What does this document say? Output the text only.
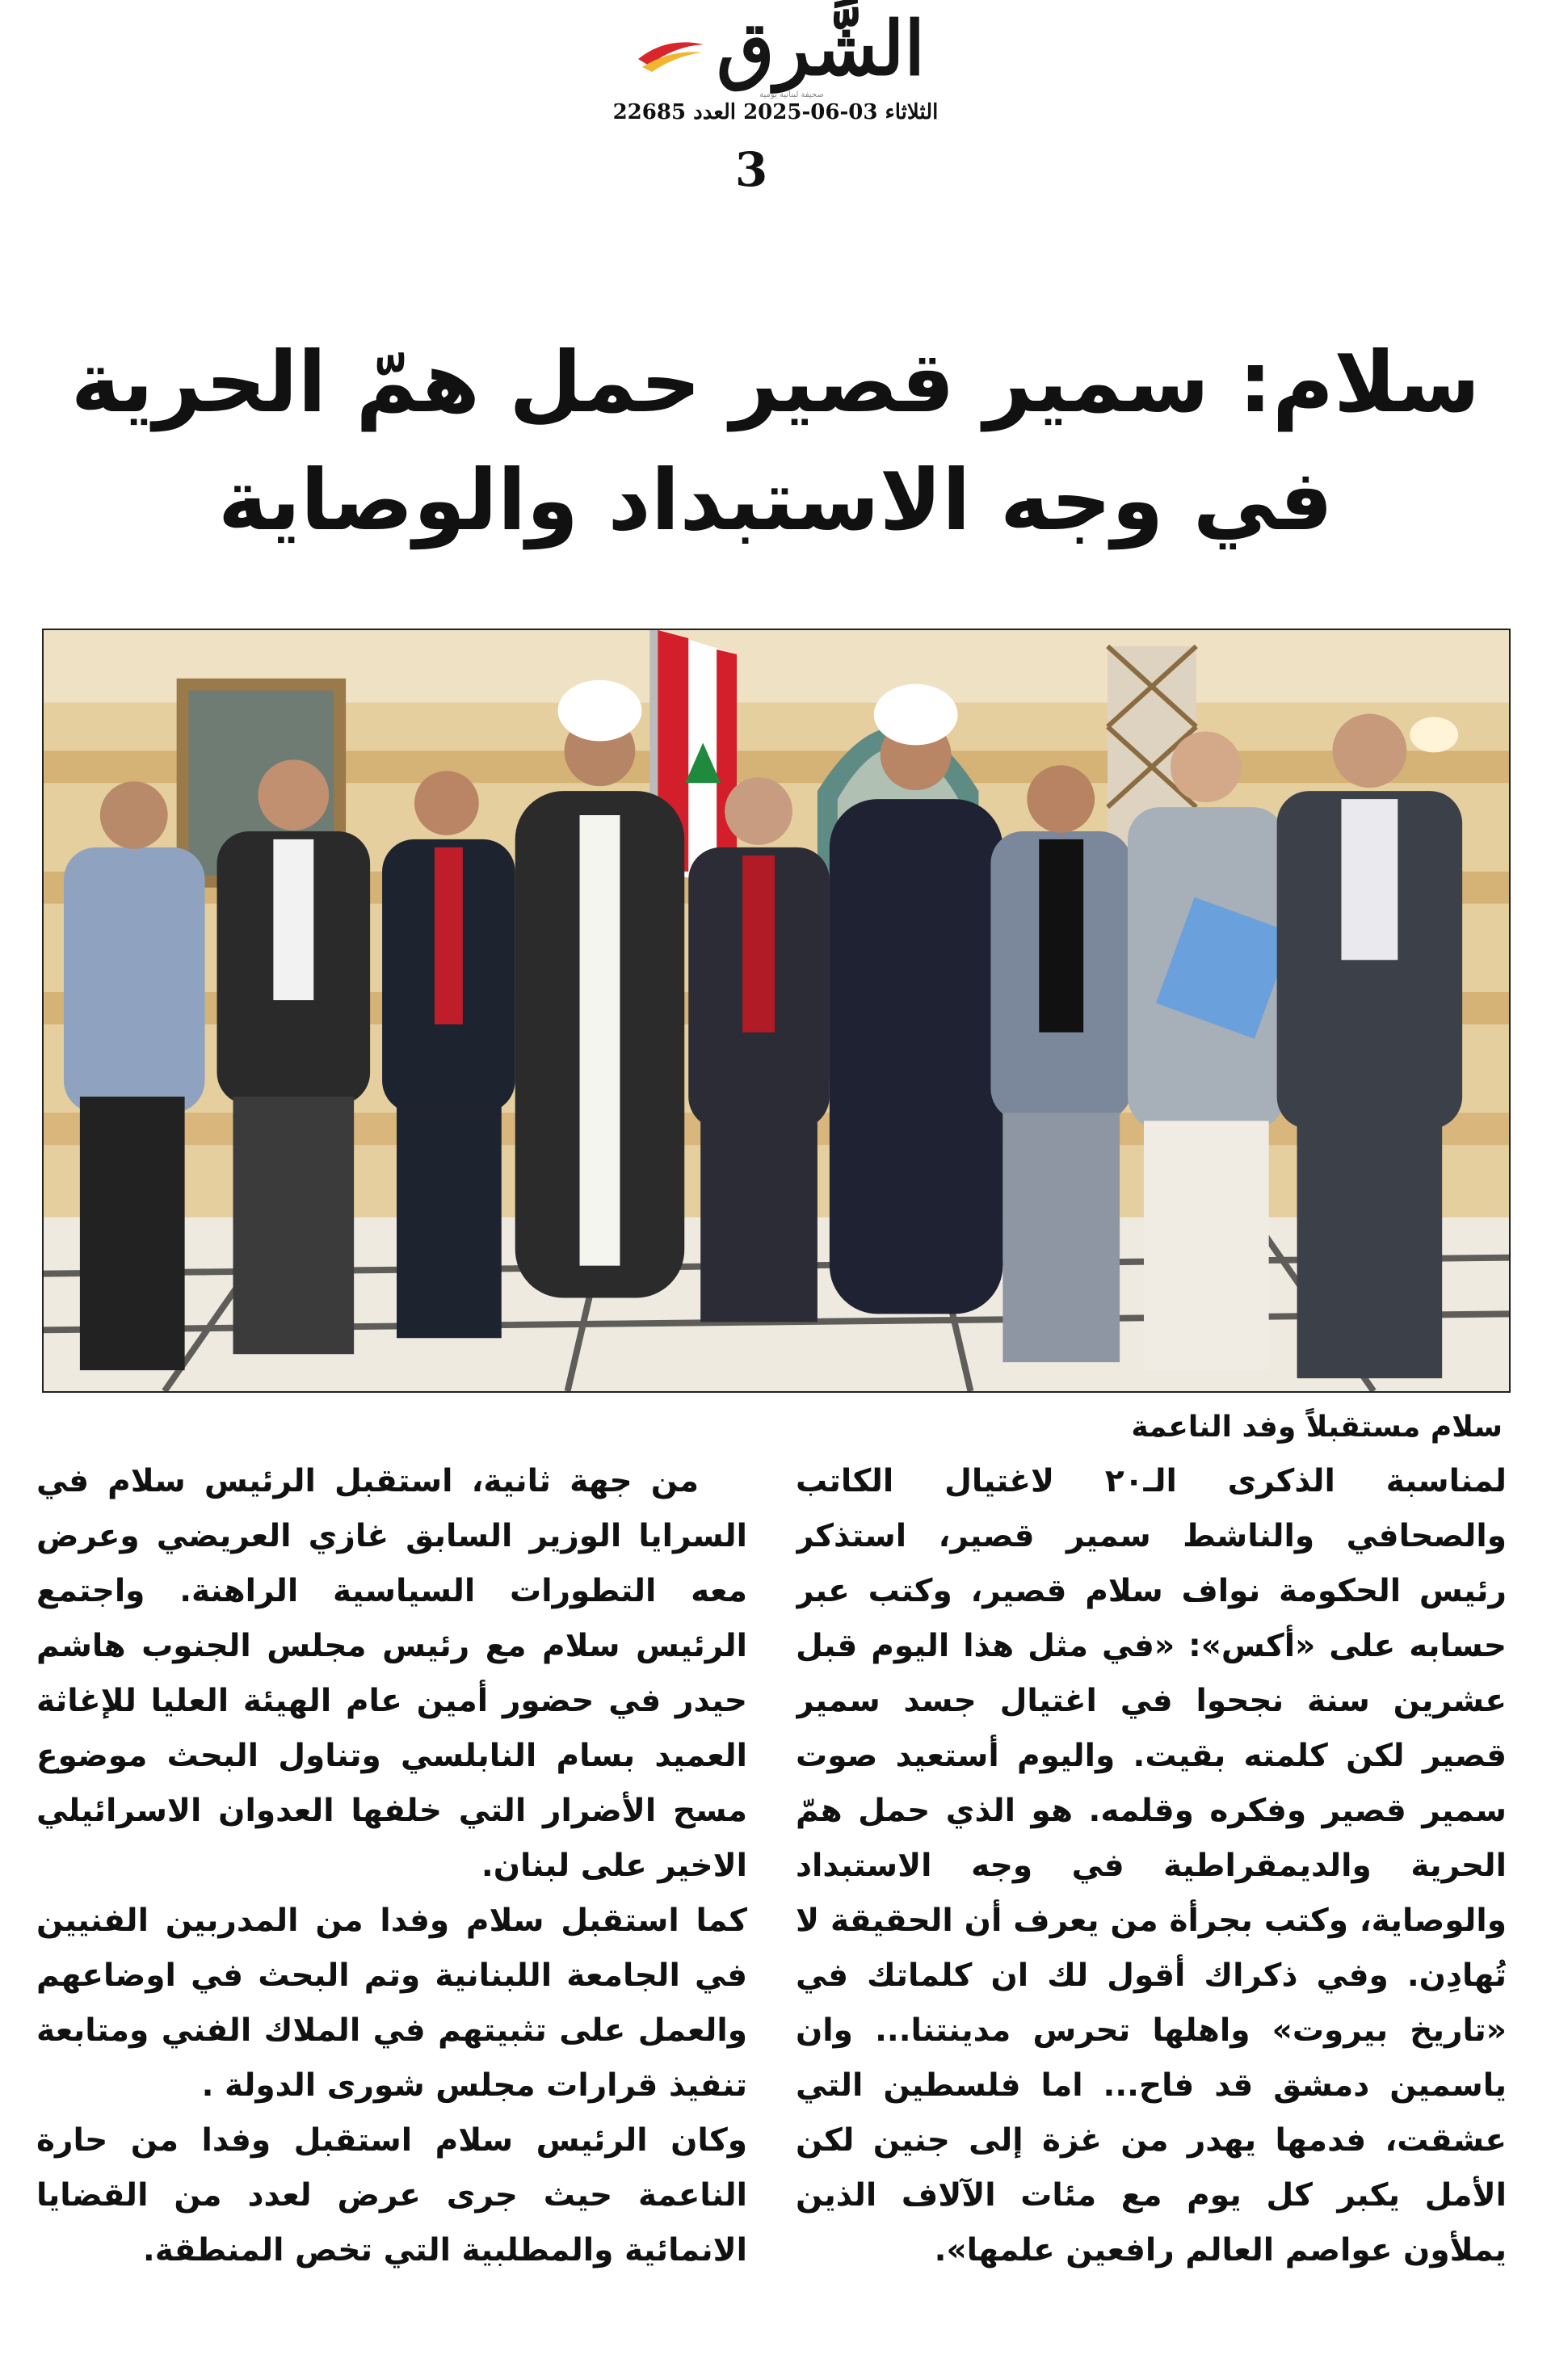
الشَّرق
صحيفة لبنانية يومية
الثلاثاء 03-06-2025 العدد 22685
3
سلام: سمير قصير حمل همّ الحرية
في وجه الاستبداد والوصاية
سلام مستقبلاً وفد الناعمة

لمناسبة الذكرى الـ٢٠ لاغتيال الكاتب والصحافي والناشط سمير قصير، استذكر رئيس الحكومة نواف سلام قصير، وكتب عبر حسابه على «أكس»: «في مثل هذا اليوم قبل عشرين سنة نجحوا في اغتيال جسد سمير قصير لكن كلمته بقيت. واليوم أستعيد صوت سمير قصير وفكره وقلمه. هو الذي حمل همّ الحرية والديمقراطية في وجه الاستبداد والوصاية، وكتب بجرأة من يعرف أن الحقيقة لا تُهادِن. وفي ذكراك أقول لك ان كلماتك في «تاريخ بيروت» واهلها تحرس مدينتنا... وان ياسمين دمشق قد فاح... اما فلسطين التي عشقت، فدمها يهدر من غزة إلى جنين لكن الأمل يكبر كل يوم مع مئات الآلاف الذين يملأون عواصم العالم رافعين علمها».

من جهة ثانية، استقبل الرئيس سلام في السرايا الوزير السابق غازي العريضي وعرض معه التطورات السياسية الراهنة. واجتمع الرئيس سلام مع رئيس مجلس الجنوب هاشم حيدر في حضور أمين عام الهيئة العليا للإغاثة العميد بسام النابلسي وتناول البحث موضوع مسح الأضرار التي خلفها العدوان الاسرائيلي الاخير على لبنان.

كما استقبل سلام وفدا من المدربين الفنيين في الجامعة اللبنانية وتم البحث في اوضاعهم والعمل على تثبيتهم في الملاك الفني ومتابعة تنفيذ قرارات مجلس شورى الدولة .

وكان الرئيس سلام استقبل وفدا من حارة الناعمة حيث جرى عرض لعدد من القضايا الانمائية والمطلبية التي تخص المنطقة.
